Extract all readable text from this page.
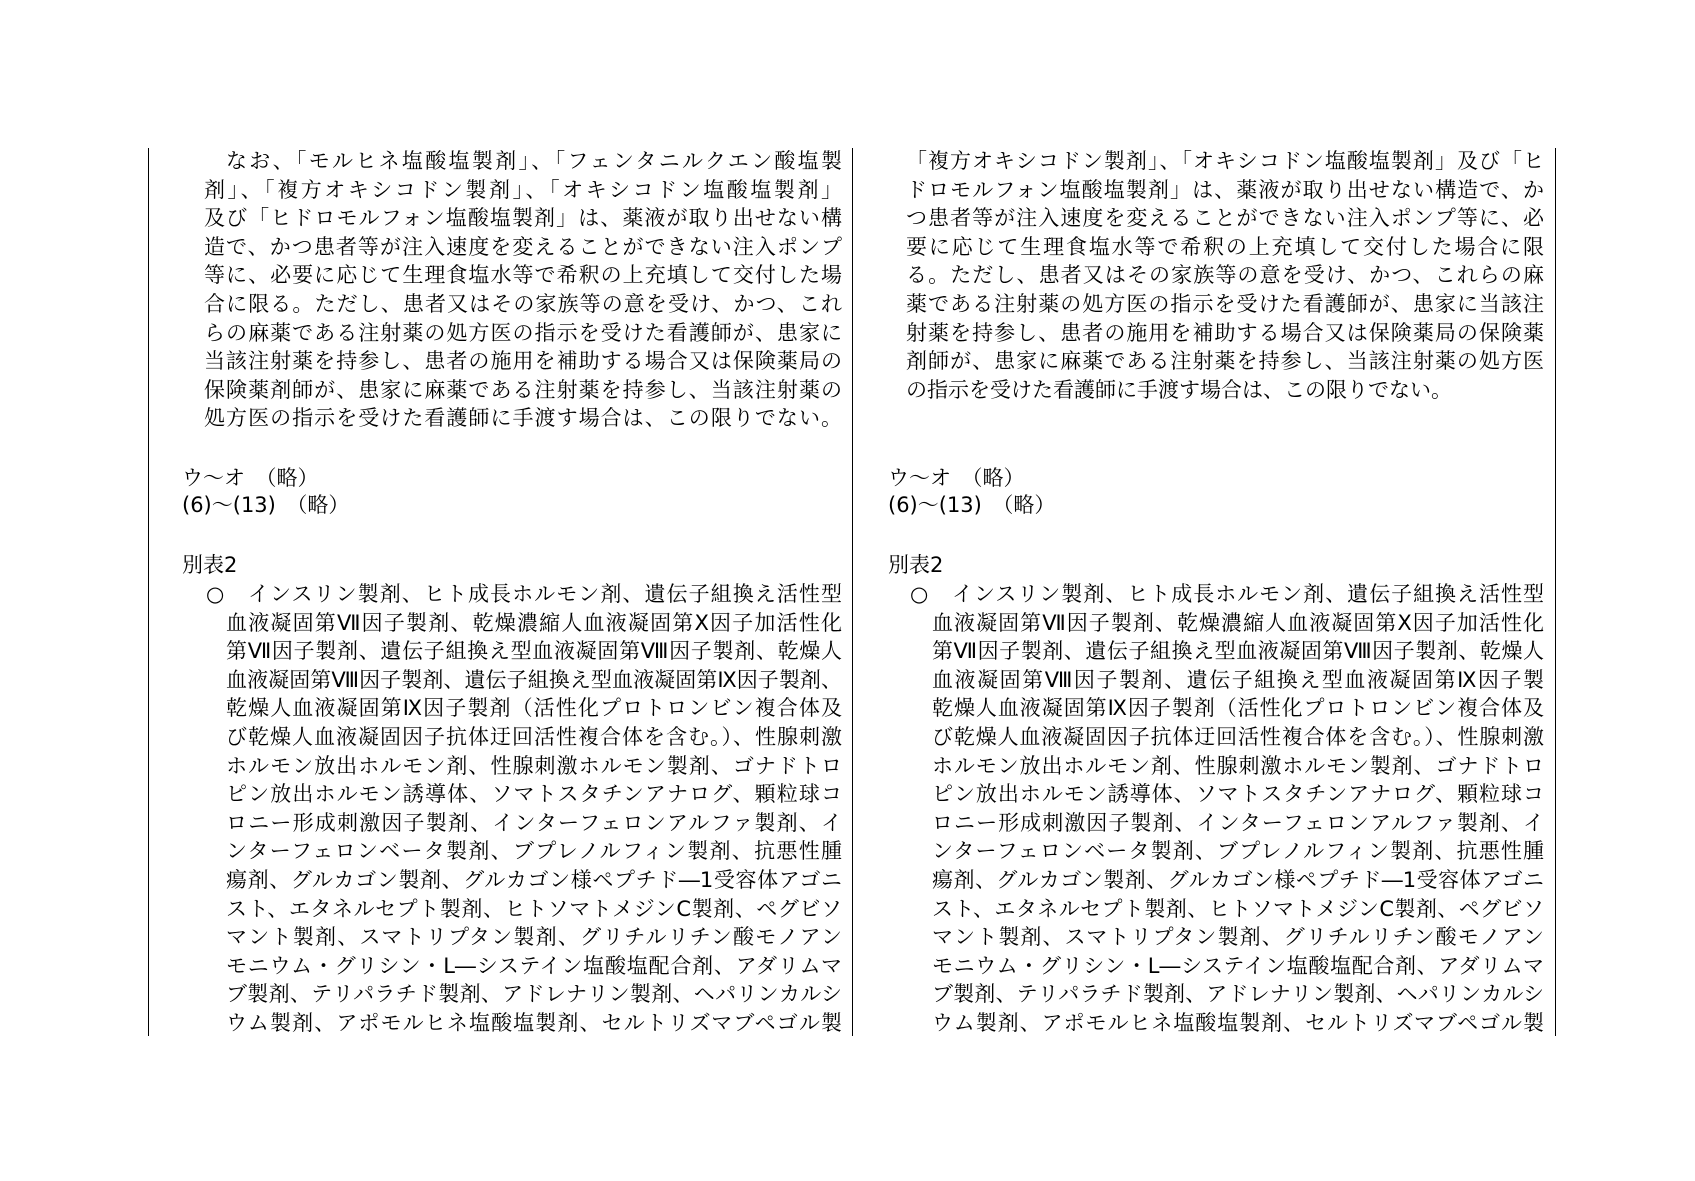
なお、「モルヒネ塩酸塩製剤」、「フェンタニルクエン酸塩製
剤」、「複方オキシコドン製剤」、「オキシコドン塩酸塩製剤」
及び「ヒドロモルフォン塩酸塩製剤」は、薬液が取り出せない構
造で、かつ患者等が注入速度を変えることができない注入ポンプ
等に、必要に応じて生理食塩水等で希釈の上充填して交付した場
合に限る。ただし、患者又はその家族等の意を受け、かつ、これ
らの麻薬である注射薬の処方医の指示を受けた看護師が、患家に
当該注射薬を持参し、患者の施用を補助する場合又は保険薬局の
保険薬剤師が、患家に麻薬である注射薬を持参し、当該注射薬の
処方医の指示を受けた看護師に手渡す場合は、この限りでない。
ウ～オ　（略）
(6)～(13)　（略）
別表2
○ インスリン製剤、ヒト成長ホルモン剤、遺伝子組換え活性型
血液凝固第Ⅶ因子製剤、乾燥濃縮人血液凝固第Ⅹ因子加活性化
第Ⅶ因子製剤、遺伝子組換え型血液凝固第Ⅷ因子製剤、乾燥人
血液凝固第Ⅷ因子製剤、遺伝子組換え型血液凝固第Ⅸ因子製剤、
乾燥人血液凝固第Ⅸ因子製剤（活性化プロトロンビン複合体及
び乾燥人血液凝固因子抗体迂回活性複合体を含む。）、性腺刺激
ホルモン放出ホルモン剤、性腺刺激ホルモン製剤、ゴナドトロ
ピン放出ホルモン誘導体、ソマトスタチンアナログ、顆粒球コ
ロニー形成刺激因子製剤、インターフェロンアルファ製剤、イ
ンターフェロンベータ製剤、ブプレノルフィン製剤、抗悪性腫
瘍剤、グルカゴン製剤、グルカゴン様ペプチド―1受容体アゴニ
スト、エタネルセプト製剤、ヒトソマトメジンC製剤、ペグビソ
マント製剤、スマトリプタン製剤、グリチルリチン酸モノアン
モニウム・グリシン・L―システイン塩酸塩配合剤、アダリムマ
ブ製剤、テリパラチド製剤、アドレナリン製剤、ヘパリンカルシ
ウム製剤、アポモルヒネ塩酸塩製剤、セルトリズマブペゴル製
「複方オキシコドン製剤」、「オキシコドン塩酸塩製剤」及び「ヒ
ドロモルフォン塩酸塩製剤」は、薬液が取り出せない構造で、か
つ患者等が注入速度を変えることができない注入ポンプ等に、必
要に応じて生理食塩水等で希釈の上充填して交付した場合に限
る。ただし、患者又はその家族等の意を受け、かつ、これらの麻
薬である注射薬の処方医の指示を受けた看護師が、患家に当該注
射薬を持参し、患者の施用を補助する場合又は保険薬局の保険薬
剤師が、患家に麻薬である注射薬を持参し、当該注射薬の処方医
の指示を受けた看護師に手渡す場合は、この限りでない。
ウ～オ　（略）
(6)～(13)　（略）
別表2
○ インスリン製剤、ヒト成長ホルモン剤、遺伝子組換え活性型
血液凝固第Ⅶ因子製剤、乾燥濃縮人血液凝固第Ⅹ因子加活性化
第Ⅶ因子製剤、遺伝子組換え型血液凝固第Ⅷ因子製剤、乾燥人
血液凝固第Ⅷ因子製剤、遺伝子組換え型血液凝固第Ⅸ因子製
乾燥人血液凝固第Ⅸ因子製剤（活性化プロトロンビン複合体及
び乾燥人血液凝固因子抗体迂回活性複合体を含む。）、性腺刺激
ホルモン放出ホルモン剤、性腺刺激ホルモン製剤、ゴナドトロ
ピン放出ホルモン誘導体、ソマトスタチンアナログ、顆粒球コ
ロニー形成刺激因子製剤、インターフェロンアルファ製剤、イ
ンターフェロンベータ製剤、ブプレノルフィン製剤、抗悪性腫
瘍剤、グルカゴン製剤、グルカゴン様ペプチド―1受容体アゴニ
スト、エタネルセプト製剤、ヒトソマトメジンC製剤、ペグビソ
マント製剤、スマトリプタン製剤、グリチルリチン酸モノアン
モニウム・グリシン・L―システイン塩酸塩配合剤、アダリムマ
ブ製剤、テリパラチド製剤、アドレナリン製剤、ヘパリンカルシ
ウム製剤、アポモルヒネ塩酸塩製剤、セルトリズマブペゴル製
